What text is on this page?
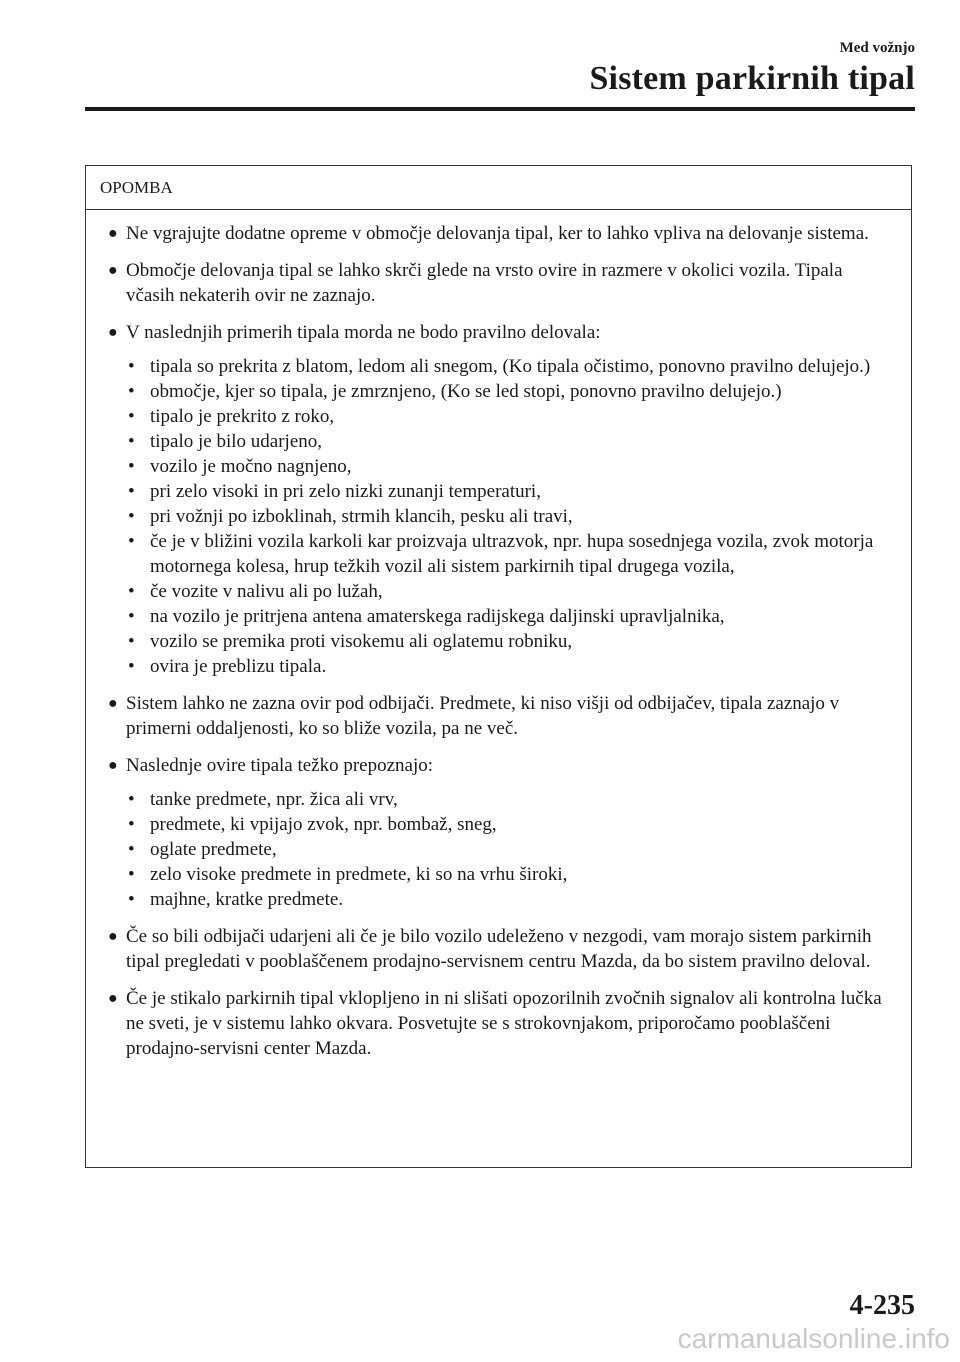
Med vožnjo
Sistem parkirnih tipal
OPOMBA
● Ne vgrajujte dodatne opreme v območje delovanja tipal, ker to lahko vpliva na delovanje sistema.
● Območje delovanja tipal se lahko skrči glede na vrsto ovire in razmere v okolici vozila. Tipala včasih nekaterih ovir ne zaznajo.
● V naslednjih primerih tipala morda ne bodo pravilno delovala:
• tipala so prekrita z blatom, ledom ali snegom, (Ko tipala očistimo, ponovno pravilno delujejo.)
• območje, kjer so tipala, je zmrznjeno, (Ko se led stopi, ponovno pravilno delujejo.)
• tipalo je prekrito z roko,
• tipalo je bilo udarjeno,
• vozilo je močno nagnjeno,
• pri zelo visoki in pri zelo nizki zunanji temperaturi,
• pri vožnji po izboklinah, strmih klancih, pesku ali travi,
• če je v bližini vozila karkoli kar proizvaja ultrazvok, npr. hupa sosednjega vozila, zvok motorja motornega kolesa, hrup težkih vozil ali sistem parkirnih tipal drugega vozila,
• če vozite v nalivu ali po lužah,
• na vozilo je pritrjena antena amaterskega radijskega daljinski upravljalnika,
• vozilo se premika proti visokemu ali oglatemu robniku,
• ovira je preblizu tipala.
● Sistem lahko ne zazna ovir pod odbijači. Predmete, ki niso višji od odbijačev, tipala zaznajo v primerni oddaljenosti, ko so bliže vozila, pa ne več.
● Naslednje ovire tipala težko prepoznajo:
• tanke predmete, npr. žica ali vrv,
• predmete, ki vpijajo zvok, npr. bombaž, sneg,
• oglate predmete,
• zelo visoke predmete in predmete, ki so na vrhu široki,
• majhne, kratke predmete.
● Če so bili odbijači udarjeni ali če je bilo vozilo udeleženo v nezgodi, vam morajo sistem parkirnih tipal pregledati v pooblaščenem prodajno-servisnem centru Mazda, da bo sistem pravilno deloval.
● Če je stikalo parkirnih tipal vklopljeno in ni slišati opozorilnih zvočnih signalov ali kontrolna lučka ne sveti, je v sistemu lahko okvara. Posvetujte se s strokovnjakom, priporočamo pooblaščeni prodajno-servisni center Mazda.
4-235
carmanualsonline.info
